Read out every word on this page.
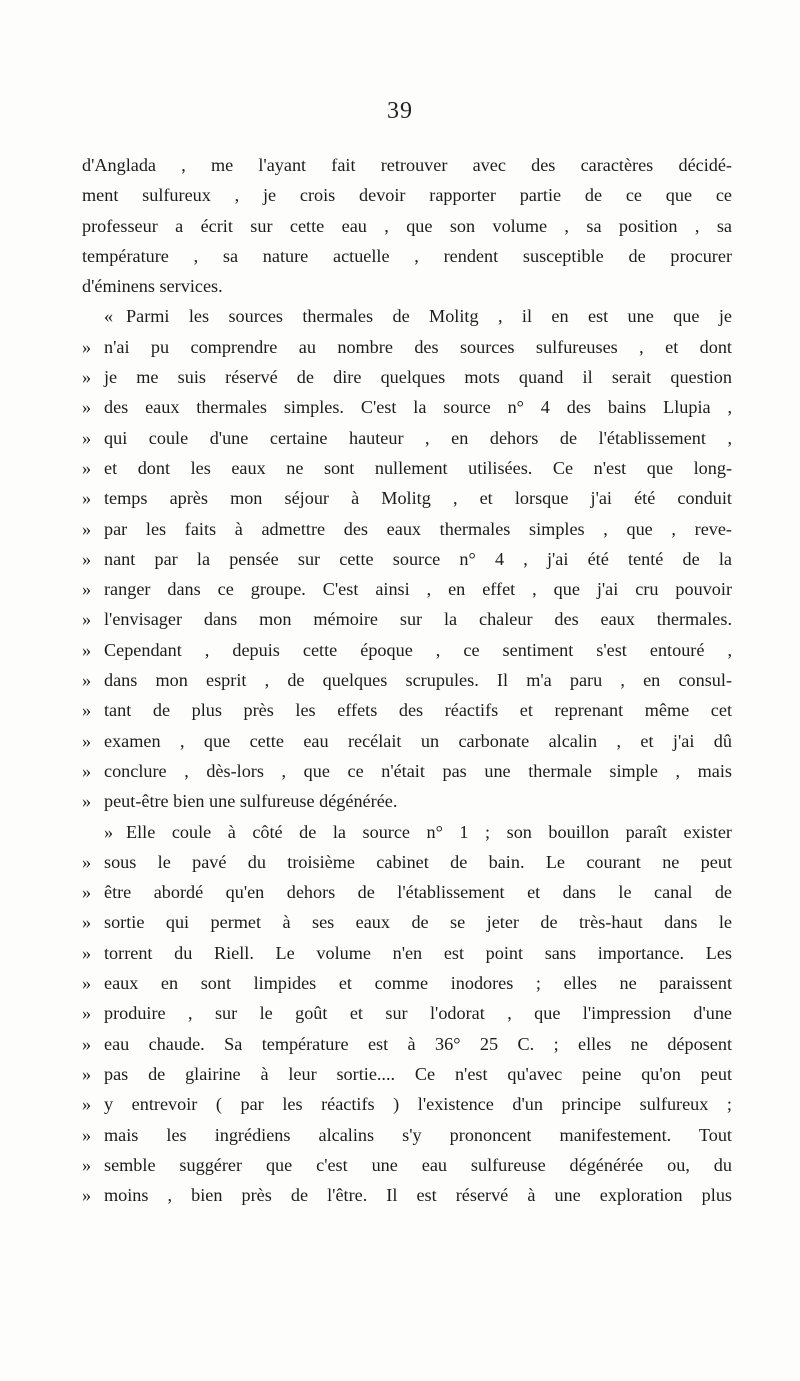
39
d'Anglada , me l'ayant fait retrouver avec des caractères décidé-
ment sulfureux , je crois devoir rapporter partie de ce que ce
professeur a écrit sur cette eau , que son volume , sa position , sa
température , sa nature actuelle , rendent susceptible de procurer
d'éminens services.
« Parmi les sources thermales de Molitg , il en est une que je
» n'ai pu comprendre au nombre des sources sulfureuses , et dont
» je me suis réservé de dire quelques mots quand il serait question
» des eaux thermales simples. C'est la source n° 4 des bains Llupia ,
» qui coule d'une certaine hauteur , en dehors de l'établissement ,
» et dont les eaux ne sont nullement utilisées. Ce n'est que long-
» temps après mon séjour à Molitg , et lorsque j'ai été conduit
» par les faits à admettre des eaux thermales simples , que , reve-
» nant par la pensée sur cette source n° 4 , j'ai été tenté de la
» ranger dans ce groupe. C'est ainsi , en effet , que j'ai cru pouvoir
» l'envisager dans mon mémoire sur la chaleur des eaux thermales.
» Cependant , depuis cette époque , ce sentiment s'est entouré ,
» dans mon esprit , de quelques scrupules. Il m'a paru , en consul-
» tant de plus près les effets des réactifs et reprenant même cet
» examen , que cette eau recélait un carbonate alcalin , et j'ai dû
» conclure , dès-lors , que ce n'était pas une thermale simple , mais
» peut-être bien une sulfureuse dégénérée.
» Elle coule à côté de la source n° 1 ; son bouillon paraît exister
» sous le pavé du troisième cabinet de bain. Le courant ne peut
» être abordé qu'en dehors de l'établissement et dans le canal de
» sortie qui permet à ses eaux de se jeter de très-haut dans le
» torrent du Riell. Le volume n'en est point sans importance. Les
» eaux en sont limpides et comme inodores ; elles ne paraissent
» produire , sur le goût et sur l'odorat , que l'impression d'une
» eau chaude. Sa température est à 36° 25 C. ; elles ne déposent
» pas de glairine à leur sortie.... Ce n'est qu'avec peine qu'on peut
» y entrevoir ( par les réactifs ) l'existence d'un principe sulfureux ;
» mais les ingrédiens alcalins s'y prononcent manifestement. Tout
» semble suggérer que c'est une eau sulfureuse dégénérée ou, du
» moins , bien près de l'être. Il est réservé à une exploration plus
